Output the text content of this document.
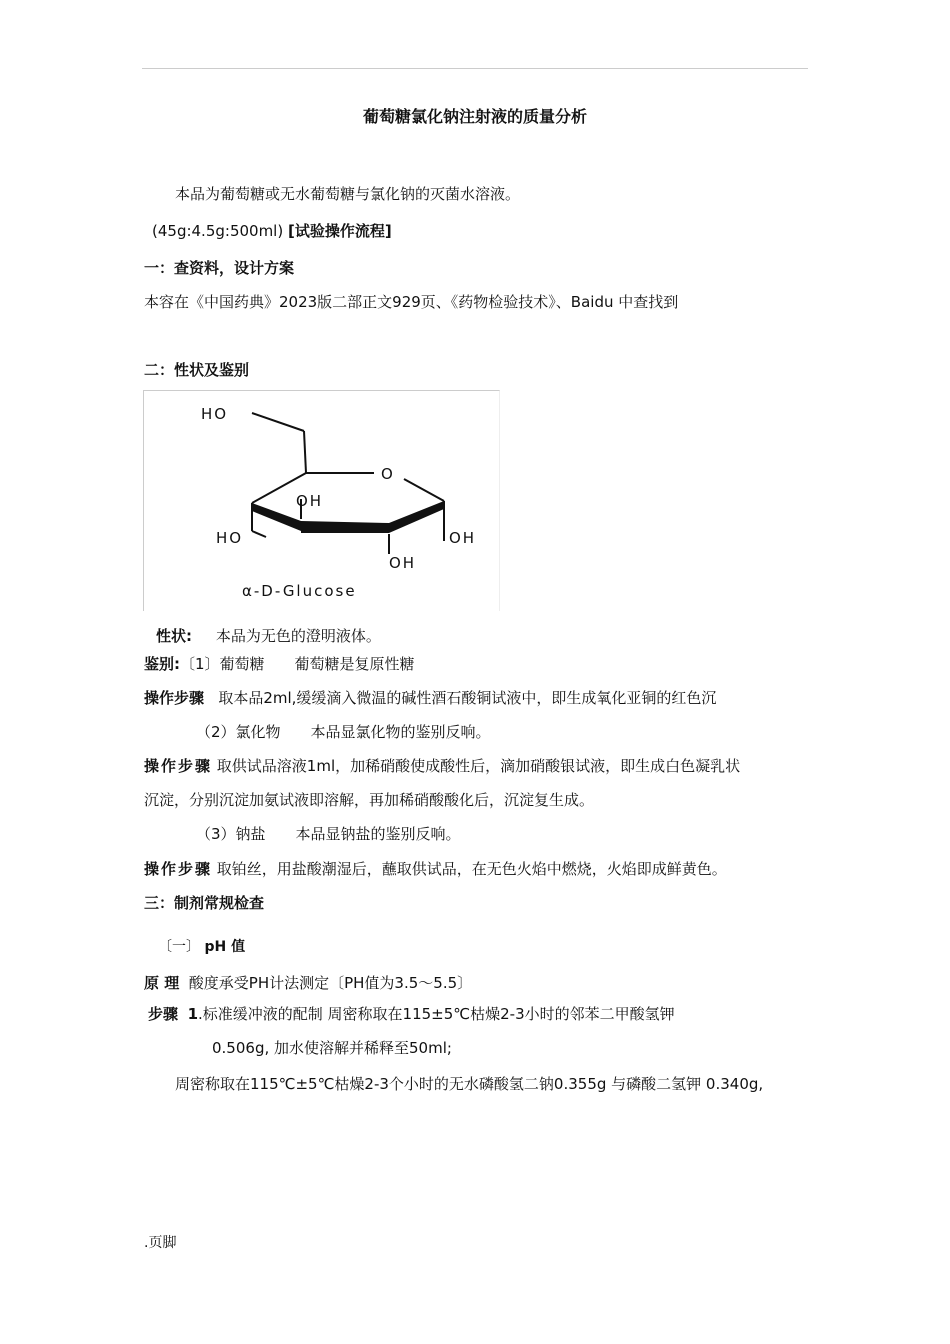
葡萄糖氯化钠注射液的质量分析
本品为葡萄糖或无水葡萄糖与氯化钠的灭菌水溶液。
(45g:4.5g:500ml) [试验操作流程]
一：查资料，设计方案
本容在《中国药典》2023版二部正文929页、《药物检验技术》、Baidu 中查找到
二：性状及鉴别
HO
O
OH
HO	OH
OH
α-D-Glucose
性状: 本品为无色的澄明液体。
鉴别:〔1〕葡萄糖　　葡萄糖是复原性糖
操作步骤 取本品2ml,缓缓滴入微温的碱性酒石酸铜试液中，即生成氧化亚铜的红色沉
（2）氯化物　　本品显氯化物的鉴别反响。
操作步骤 取供试品溶液1ml，加稀硝酸使成酸性后，滴加硝酸银试液，即生成白色凝乳状
沉淀，分别沉淀加氨试液即溶解，再加稀硝酸酸化后，沉淀复生成。
（3）钠盐　　本品显钠盐的鉴别反响。
操作步骤 取铂丝，用盐酸潮湿后，蘸取供试品，在无色火焰中燃烧，火焰即成鲜黄色。
三：制剂常规检查
〔一〕 pH 值
原 理 酸度承受PH计法测定〔PH值为3.5～5.5〕
步骤 1.标准缓冲液的配制 周密称取在115±5℃枯燥2-3小时的邻苯二甲酸氢钾
0.506g, 加水使溶解并稀释至50ml;
周密称取在115℃±5℃枯燥2-3个小时的无水磷酸氢二钠0.355g 与磷酸二氢钾 0.340g,
.页脚
